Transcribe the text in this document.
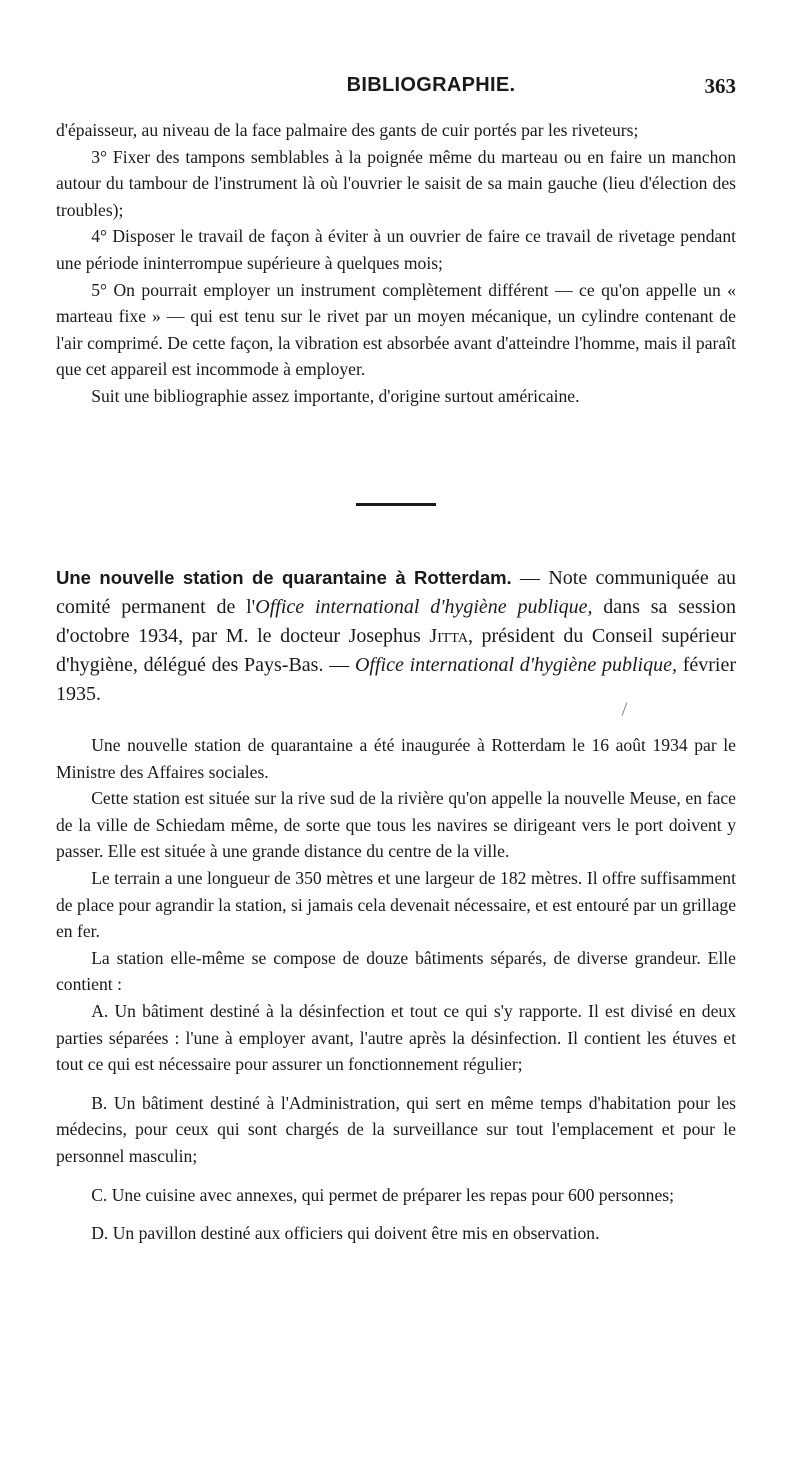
BIBLIOGRAPHIE.	363

d'épaisseur, au niveau de la face palmaire des gants de cuir portés par les riveteurs;

3° Fixer des tampons semblables à la poignée même du marteau ou en faire un manchon autour du tambour de l'instrument là où l'ouvrier le saisit de sa main gauche (lieu d'élection des troubles);

4° Disposer le travail de façon à éviter à un ouvrier de faire ce travail de rivetage pendant une période ininterrompue supérieure à quelques mois;

5° On pourrait employer un instrument complètement différent — ce qu'on appelle un « marteau fixe » — qui est tenu sur le rivet par un moyen mécanique, un cylindre contenant de l'air comprimé. De cette façon, la vibration est absorbée avant d'atteindre l'homme, mais il paraît que cet appareil est incommode à employer.

Suit une bibliographie assez importante, d'origine surtout américaine.

Une nouvelle station de quarantaine à Rotterdam. — Note communiquée au comité permanent de l'Office international d'hygiène publique, dans sa session d'octobre 1934, par M. le docteur Josephus Jitta, président du Conseil supérieur d'hygiène, délégué des Pays-Bas. — Office international d'hygiène publique, février 1935.

Une nouvelle station de quarantaine a été inaugurée à Rotterdam le 16 août 1934 par le Ministre des Affaires sociales.

Cette station est située sur la rive sud de la rivière qu'on appelle la nouvelle Meuse, en face de la ville de Schiedam même, de sorte que tous les navires se dirigeant vers le port doivent y passer. Elle est située à une grande distance du centre de la ville.

Le terrain a une longueur de 350 mètres et une largeur de 182 mètres. Il offre suffisamment de place pour agrandir la station, si jamais cela devenait nécessaire, et est entouré par un grillage en fer.

La station elle-même se compose de douze bâtiments séparés, de diverse grandeur. Elle contient :

A. Un bâtiment destiné à la désinfection et tout ce qui s'y rapporte. Il est divisé en deux parties séparées : l'une à employer avant, l'autre après la désinfection. Il contient les étuves et tout ce qui est nécessaire pour assurer un fonctionnement régulier;

B. Un bâtiment destiné à l'Administration, qui sert en même temps d'habitation pour les médecins, pour ceux qui sont chargés de la surveillance sur tout l'emplacement et pour le personnel masculin;

C. Une cuisine avec annexes, qui permet de préparer les repas pour 600 personnes;

D. Un pavillon destiné aux officiers qui doivent être mis en observation.
